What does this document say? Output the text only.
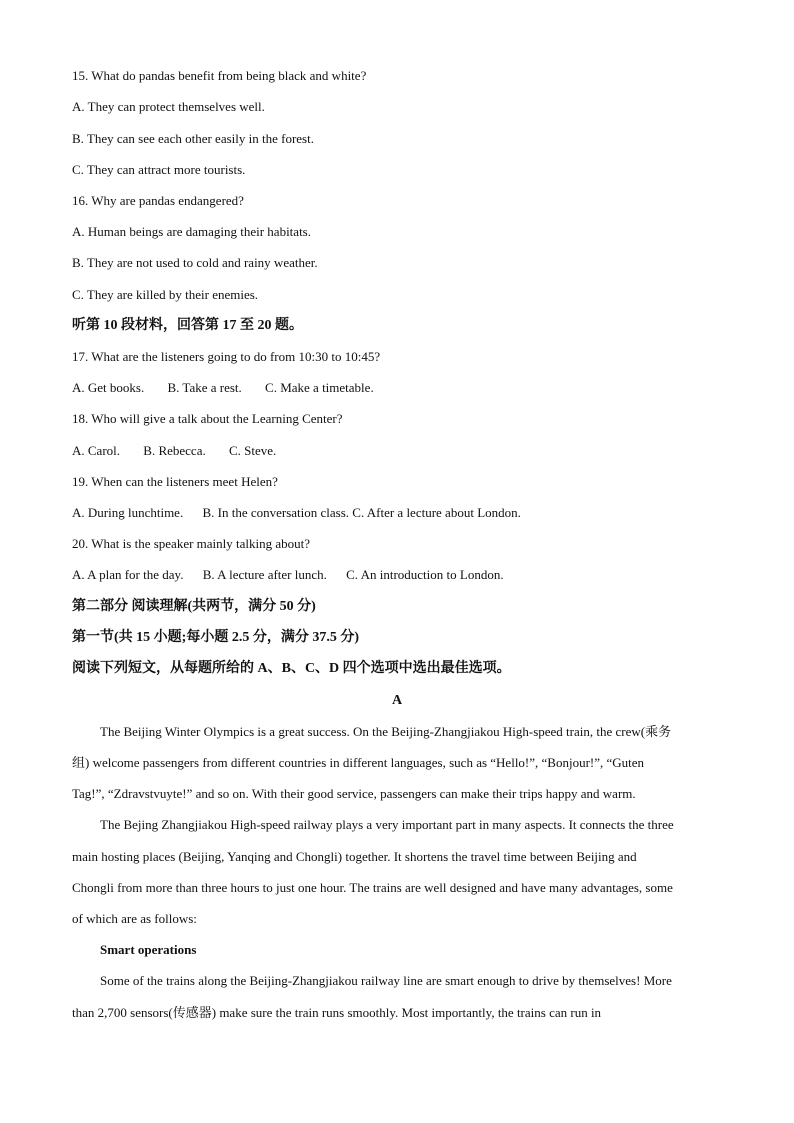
15. What do pandas benefit from being black and white?
A. They can protect themselves well.
B. They can see each other easily in the forest.
C. They can attract more tourists.
16. Why are pandas endangered?
A. Human beings are damaging their habitats.
B. They are not used to cold and rainy weather.
C. They are killed by their enemies.
听第 10 段材料，回答第 17 至 20 题。
17. What are the listeners going to do from 10:30 to 10:45?
A. Get books. B. Take a rest. C. Make a timetable.
18. Who will give a talk about the Learning Center?
A. Carol. B. Rebecca. C. Steve.
19. When can the listeners meet Helen?
A. During lunchtime. B. In the conversation class. C. After a lecture about London.
20. What is the speaker mainly talking about?
A. A plan for the day. B. A lecture after lunch. C. An introduction to London.
第二部分 阅读理解(共两节，满分 50 分)
第一节(共 15 小题;每小题 2.5 分，满分 37.5 分)
阅读下列短文，从每题所给的 A、B、C、D 四个选项中选出最佳选项。
A
The Beijing Winter Olympics is a great success. On the Beijing-Zhangjiakou High-speed train, the crew(乘务
组) welcome passengers from different countries in different languages, such as “Hello!”, “Bonjour!”, “Guten
Tag!”, “Zdravstvuyte!” and so on. With their good service, passengers can make their trips happy and warm.
The Bejing Zhangjiakou High-speed railway plays a very important part in many aspects. It connects the three
main hosting places (Beijing, Yanqing and Chongli) together. It shortens the travel time between Beijing and
Chongli from more than three hours to just one hour. The trains are well designed and have many advantages, some
of which are as follows:
Smart operations
Some of the trains along the Beijing-Zhangjiakou railway line are smart enough to drive by themselves! More
than 2,700 sensors(传感器) make sure the train runs smoothly. Most importantly, the trains can run in
